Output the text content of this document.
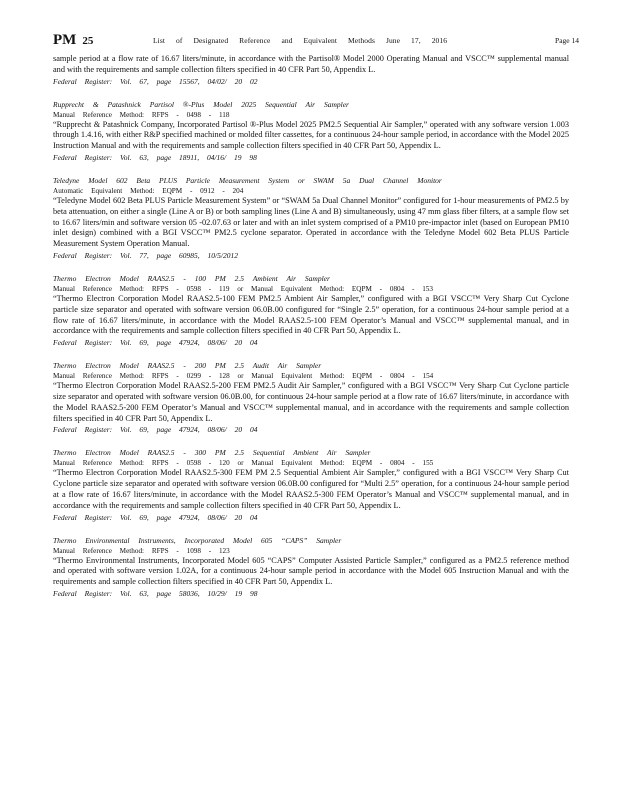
PM 25	List of Designated Reference and Equivalent Methods June 17, 2016	Page 14

sample period at a flow rate of 16.67 liters/minute, in accordance with the Partisol® Model 2000 Operating Manual and VSCC™ supplemental manual and with the requirements and sample collection filters specified in 40 CFR Part 50, Appendix L.

Federal Register: Vol. 67, page 15567, 04/02/ 20 02

Rupprecht & Patashnick Partisol ®-Plus Model 2025 Sequential Air Sampler

Manual Reference Method: RFPS - 0498 - 118

“Rupprecht & Patashnick Company, Incorporated Partisol ®-Plus Model 2025 PM2.5 Sequential Air Sampler,” operated with any software version 1.003 through 1.4.16, with either R&P specified machined or molded filter cassettes, for a continuous 24-hour sample period, in accordance with the Model 2025 Instruction Manual and with the requirements and sample collection filters specified in 40 CFR Part 50, Appendix L.

Federal Register: Vol. 63, page 18911, 04/16/ 19 98

Teledyne Model 602 Beta PLUS Particle Measurement System or SWAM 5a Dual Channel Monitor

Automatic Equivalent Method: EQPM - 0912 - 204

“Teledyne Model 602 Beta PLUS Particle Measurement System” or “SWAM 5a Dual Channel Monitor” configured for 1-hour measurements of PM2.5 by beta attenuation, on either a single (Line A or B) or both sampling lines (Line A and B) simultaneously, using 47 mm glass fiber filters, at a sample flow set to 16.67 liters/min and software version 05 -02.07.63 or later and with an inlet system comprised of a PM10 pre-impactor inlet (based on European PM10 inlet design) combined with a BGI VSCC™ PM2.5 cyclone separator. Operated in accordance with the Teledyne Model 602 Beta PLUS Particle Measurement System Operation Manual.

Federal Register: Vol. 77, page 60985, 10/5/2012

Thermo Electron Model RAAS2.5 - 100 PM 2.5 Ambient Air Sampler

Manual Reference Method: RFPS - 0598 - 119 or Manual Equivalent Method: EQPM - 0804 - 153

“Thermo Electron Corporation Model RAAS2.5-100 FEM PM2.5 Ambient Air Sampler,” configured with a BGI VSCC™ Very Sharp Cut Cyclone particle size separator and operated with software version 06.0B.00 configured for “Single 2.5” operation, for a continuous 24-hour sample period at a flow rate of 16.67 liters/minute, in accordance with the Model RAAS2.5-100 FEM Operator’s Manual and VSCC™ supplemental manual, and in accordance with the requirements and sample collection filters specified in 40 CFR Part 50, Appendix L.

Federal Register: Vol. 69, page 47924, 08/06/ 20 04

Thermo Electron Model RAAS2.5 - 200 PM 2.5 Audit Air Sampler

Manual Reference Method: RFPS - 0299 - 128 or Manual Equivalent Method: EQPM - 0804 - 154

“Thermo Electron Corporation Model RAAS2.5-200 FEM PM2.5 Audit Air Sampler,” configured with a BGI VSCC™ Very Sharp Cut Cyclone particle size separator and operated with software version 06.0B.00, for continuous 24-hour sample period at a flow rate of 16.67 liters/minute, in accordance with the Model RAAS2.5-200 FEM Operator’s Manual and VSCC™ supplemental manual, and in accordance with the requirements and sample collection filters specified in 40 CFR Part 50, Appendix L.

Federal Register: Vol. 69, page 47924, 08/06/ 20 04

Thermo Electron Model RAAS2.5 - 300 PM 2.5 Sequential Ambient Air Sampler

Manual Reference Method: RFPS - 0598 - 120 or Manual Equivalent Method: EQPM - 0804 - 155

“Thermo Electron Corporation Model RAAS2.5-300 FEM PM 2.5 Sequential Ambient Air Sampler,” configured with a BGI VSCC™ Very Sharp Cut Cyclone particle size separator and operated with software version 06.0B.00 configured for “Multi 2.5” operation, for a continuous 24-hour sample period at a flow rate of 16.67 liters/minute, in accordance with the Model RAAS2.5-300 FEM Operator’s Manual and VSCC™ supplemental manual, and in accordance with the requirements and sample collection filters specified in 40 CFR Part 50, Appendix L.

Federal Register: Vol. 69, page 47924, 08/06/ 20 04

Thermo Environmental Instruments, Incorporated Model 605 “CAPS” Sampler

Manual Reference Method: RFPS - 1098 - 123

“Thermo Environmental Instruments, Incorporated Model 605 “CAPS” Computer Assisted Particle Sampler,” configured as a PM2.5 reference method and operated with software version 1.02A, for a continuous 24-hour sample period in accordance with the Model 605 Instruction Manual and with the requirements and sample collection filters specified in 40 CFR Part 50, Appendix L.

Federal Register: Vol. 63, page 58036, 10/29/ 19 98
